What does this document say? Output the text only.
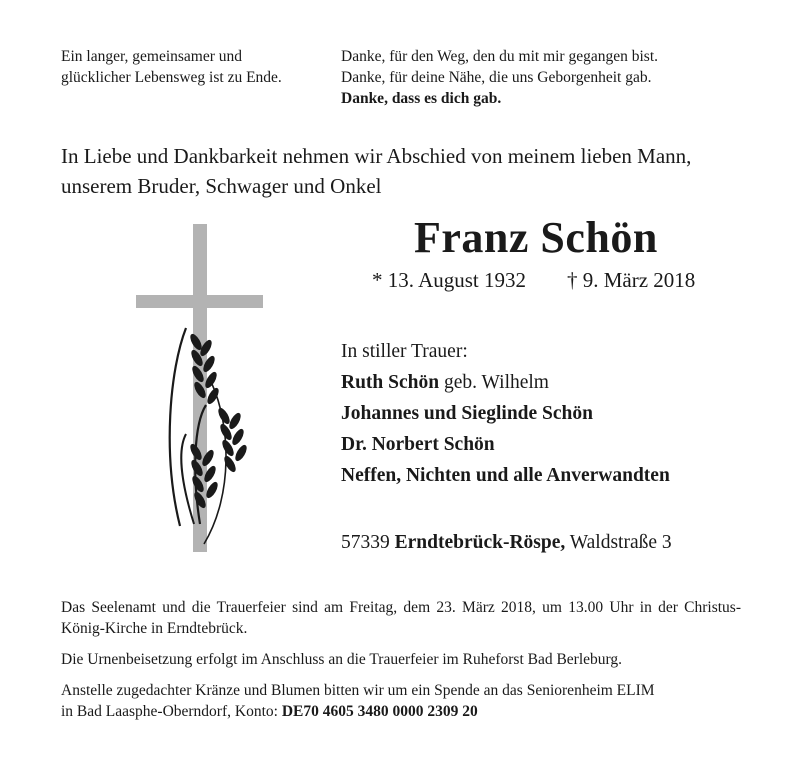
Ein langer, gemeinsamer und
glücklicher Lebensweg ist zu Ende.
Danke, für den Weg, den du mit mir gegangen bist.
Danke, für deine Nähe, die uns Geborgenheit gab.
Danke, dass es dich gab.
In Liebe und Dankbarkeit nehmen wir Abschied von meinem lieben Mann,
unserem Bruder, Schwager und Onkel
Franz Schön
* 13. August 1932 † 9. März 2018
In stiller Trauer:
Ruth Schön geb. Wilhelm
Johannes und Sieglinde Schön
Dr. Norbert Schön
Neffen, Nichten und alle Anverwandten
57339 Erndtebrück-Röspe, Waldstraße 3
Das Seelenamt und die Trauerfeier sind am Freitag, dem 23. März 2018, um 13.00 Uhr in der Christus-König-Kirche in Erndtebrück.
Die Urnenbeisetzung erfolgt im Anschluss an die Trauerfeier im Ruheforst Bad Berleburg.
Anstelle zugedachter Kränze und Blumen bitten wir um ein Spende an das Seniorenheim ELIM
in Bad Laasphe-Oberndorf, Konto: DE70 4605 3480 0000 2309 20
